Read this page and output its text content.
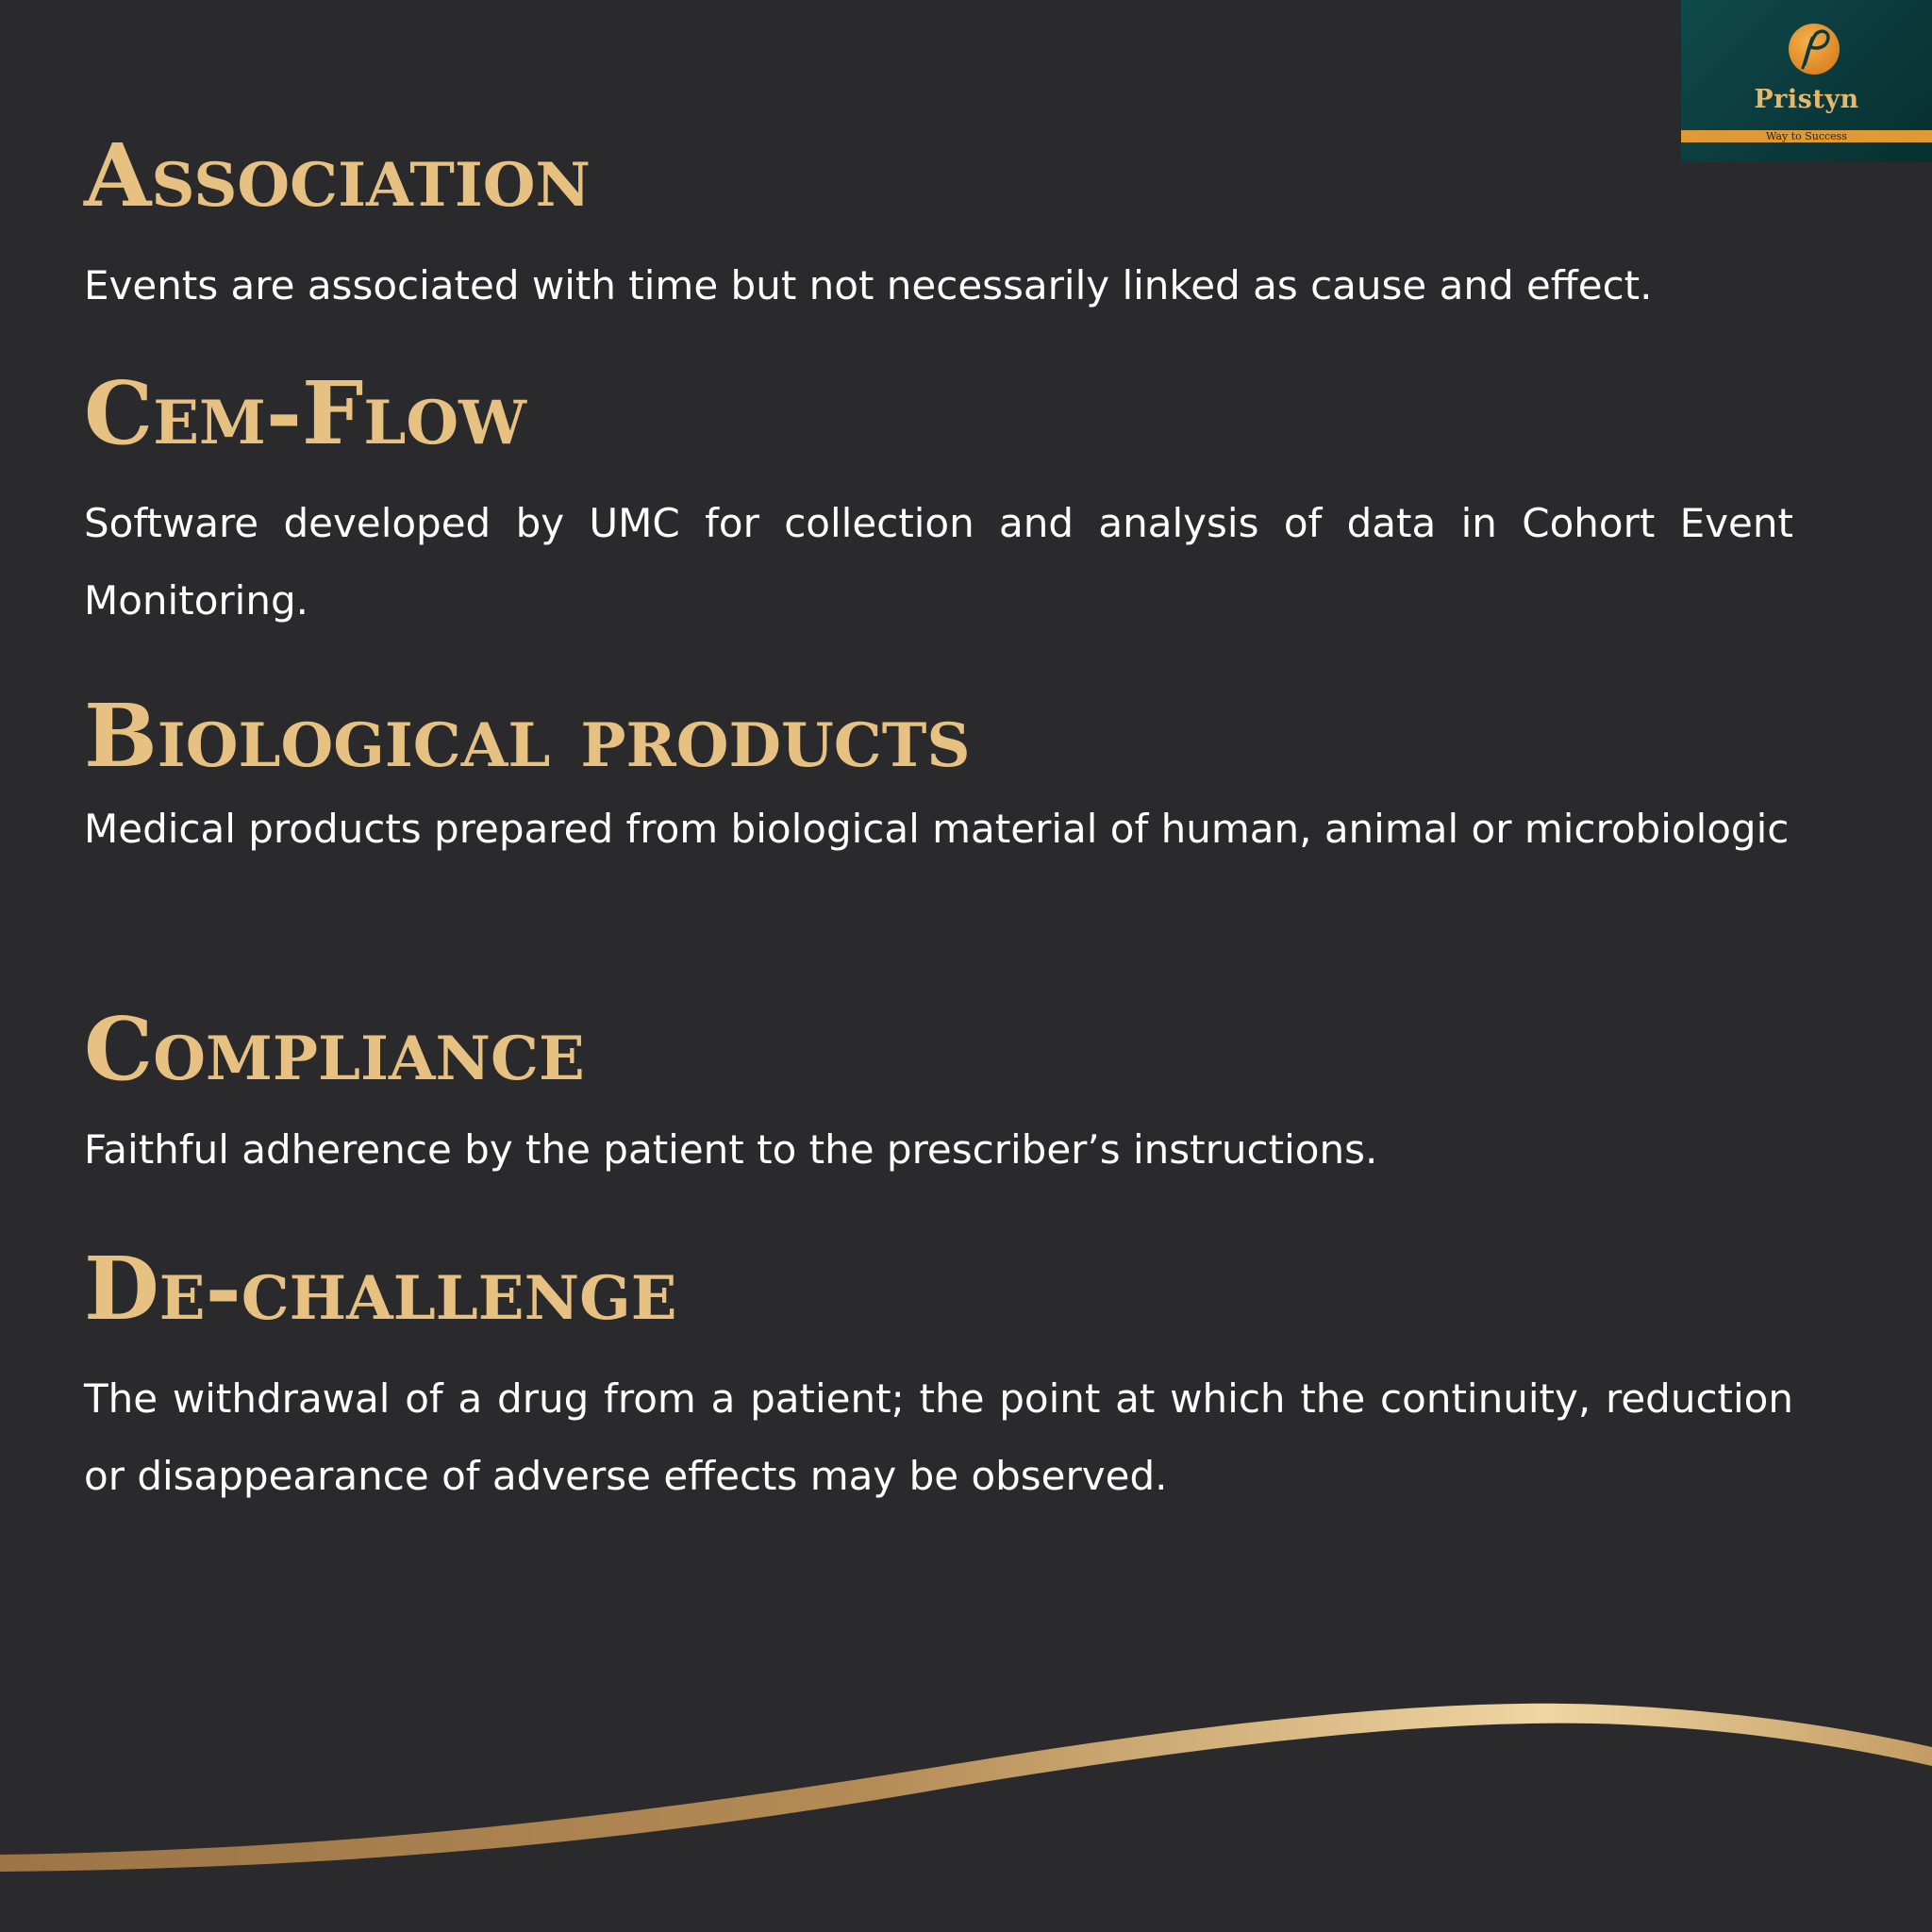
Pristyn
Way to Success
Association

Events are associated with time but not necessarily linked as cause and effect.

Cem-Flow

Software developed by UMC for collection and analysis of data in Cohort Event Monitoring.

Biological products

Medical products prepared from biological material of human, animal or microbiologic

Compliance

Faithful adherence by the patient to the prescriber’s instructions.

De-challenge

The withdrawal of a drug from a patient; the point at which the continuity, reduction or disappearance of adverse effects may be observed.
